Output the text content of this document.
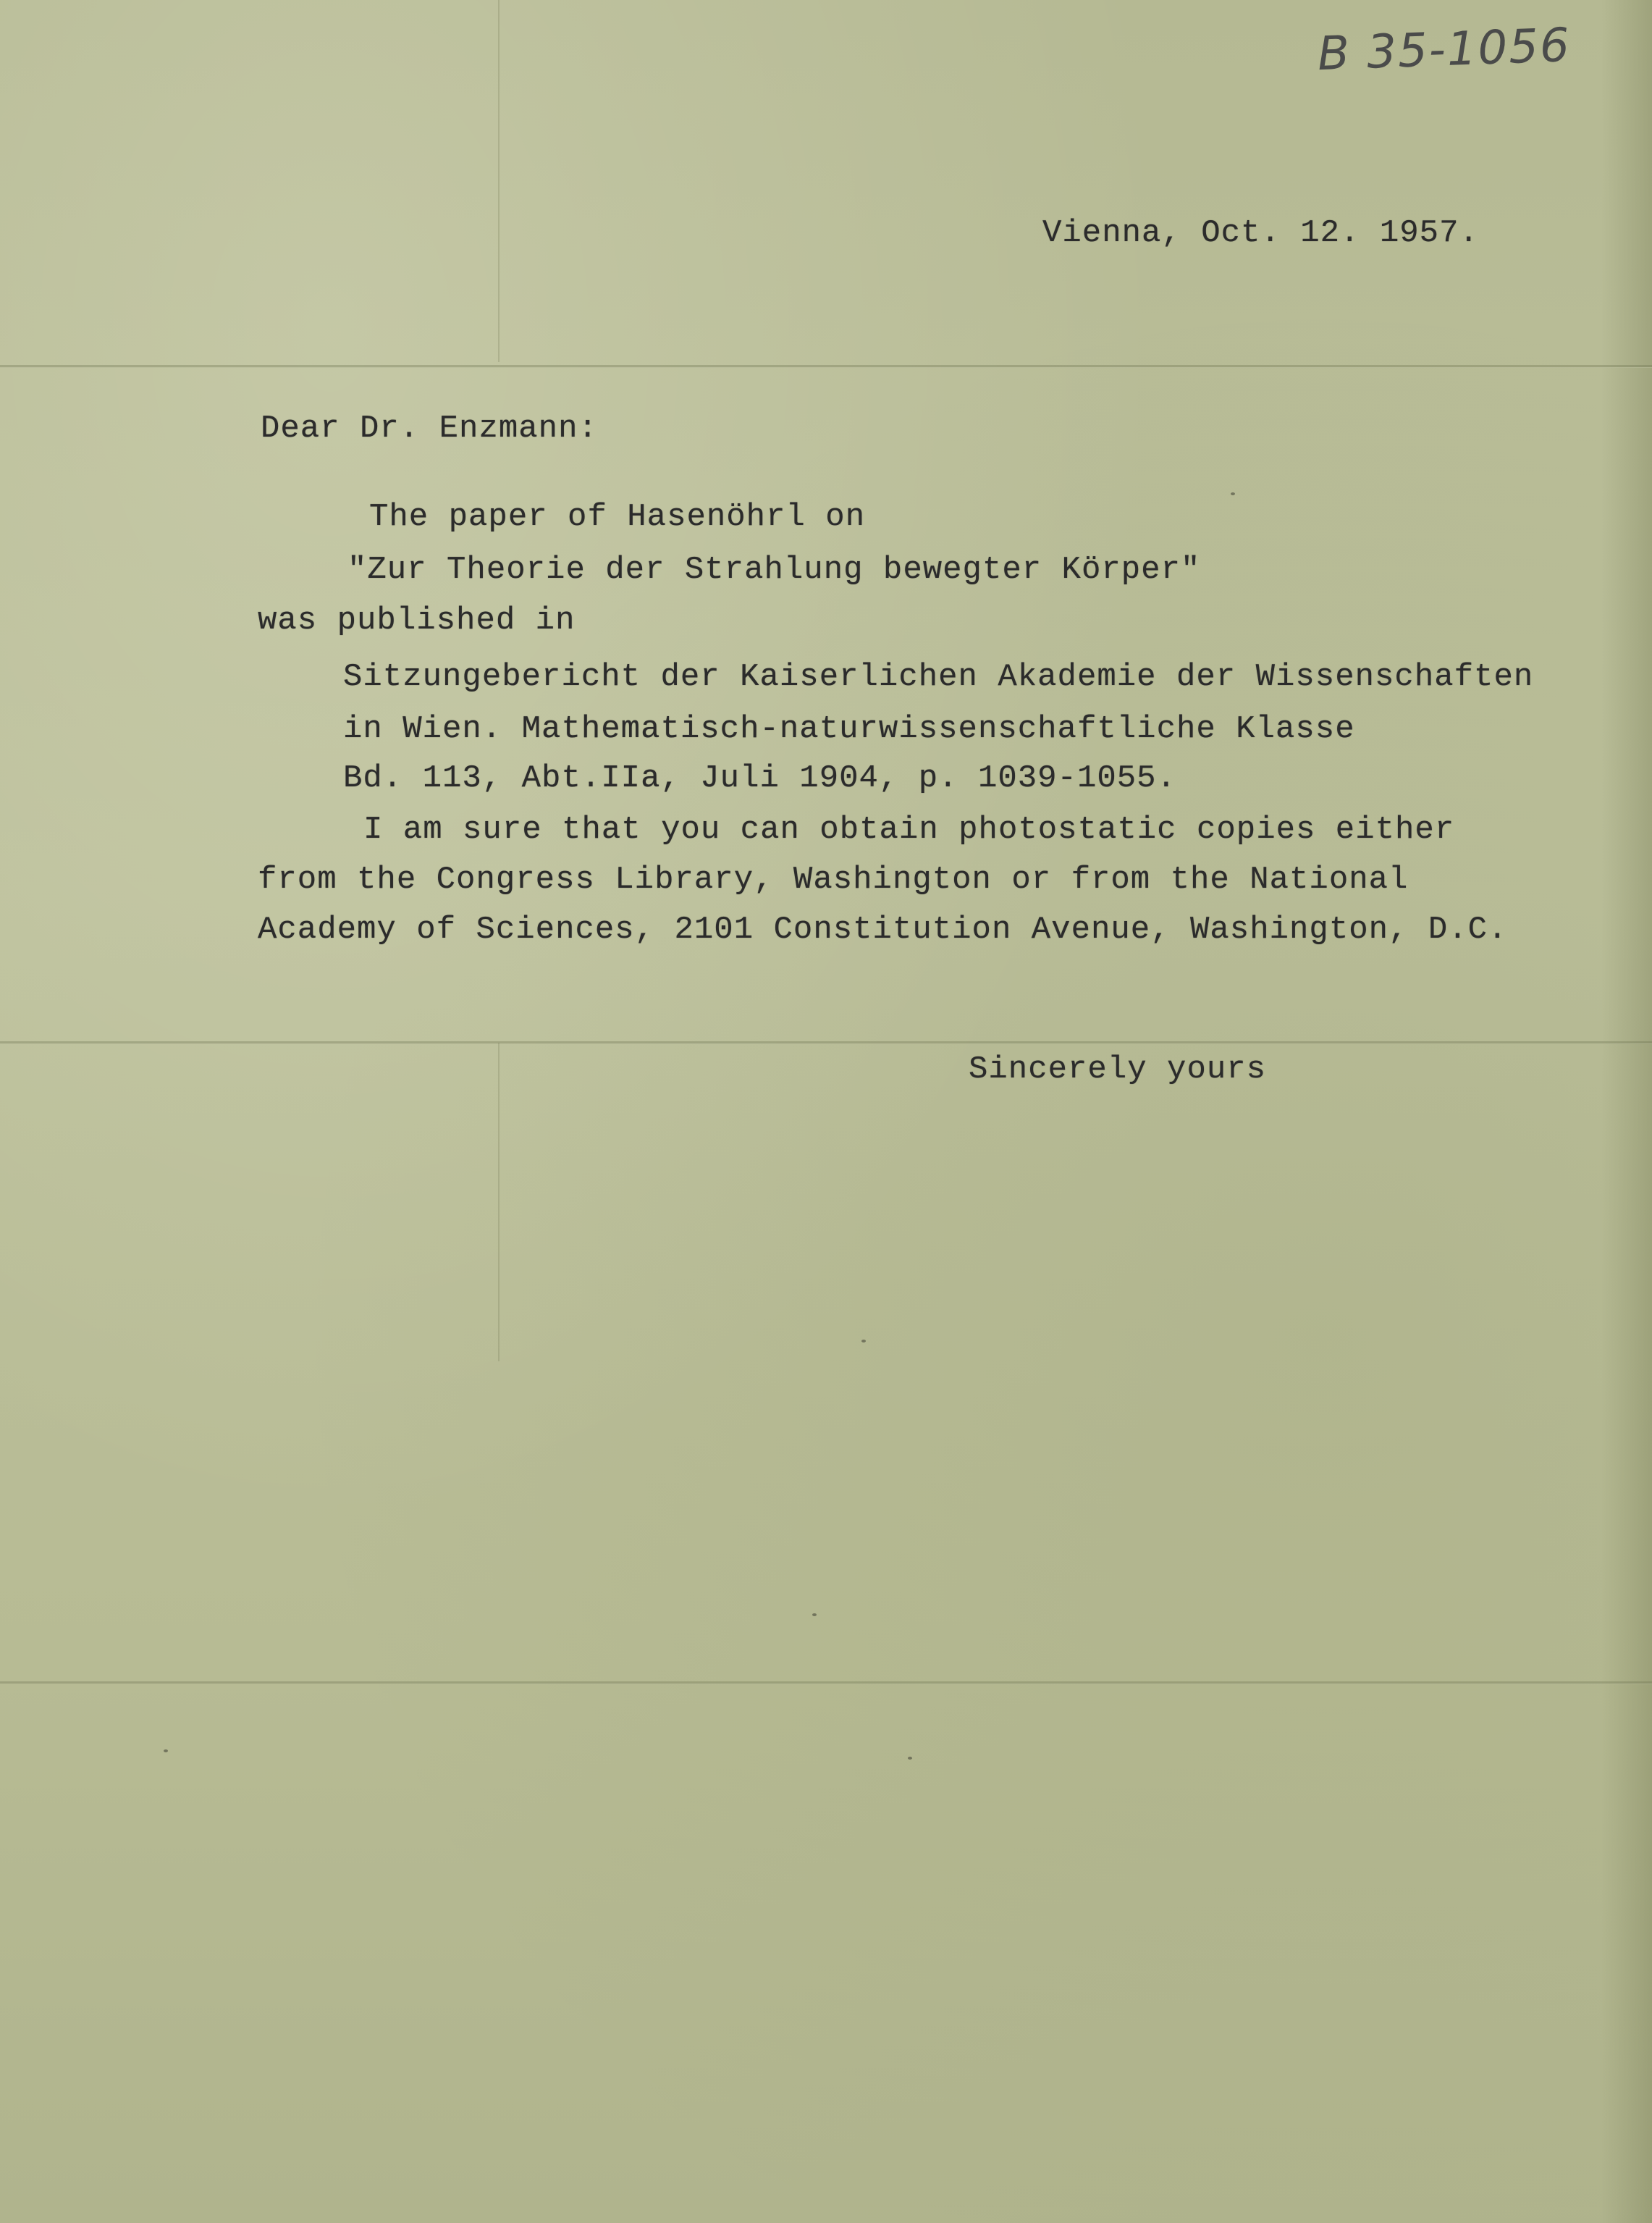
B 35-1056
Vienna, Oct. 12. 1957.
Dear Dr. Enzmann:
The paper of Hasenöhrl on
"Zur Theorie der Strahlung bewegter Körper"
was published in
Sitzungebericht der Kaiserlichen Akademie der Wissenschaften
in Wien. Mathematisch-naturwissenschaftliche Klasse
Bd. 113, Abt.IIa, Juli 1904, p. 1039-1055.
I am sure that you can obtain photostatic copies either
from the Congress Library, Washington or from the National
Academy of Sciences, 2101 Constitution Avenue, Washington, D.C.
Sincerely yours
